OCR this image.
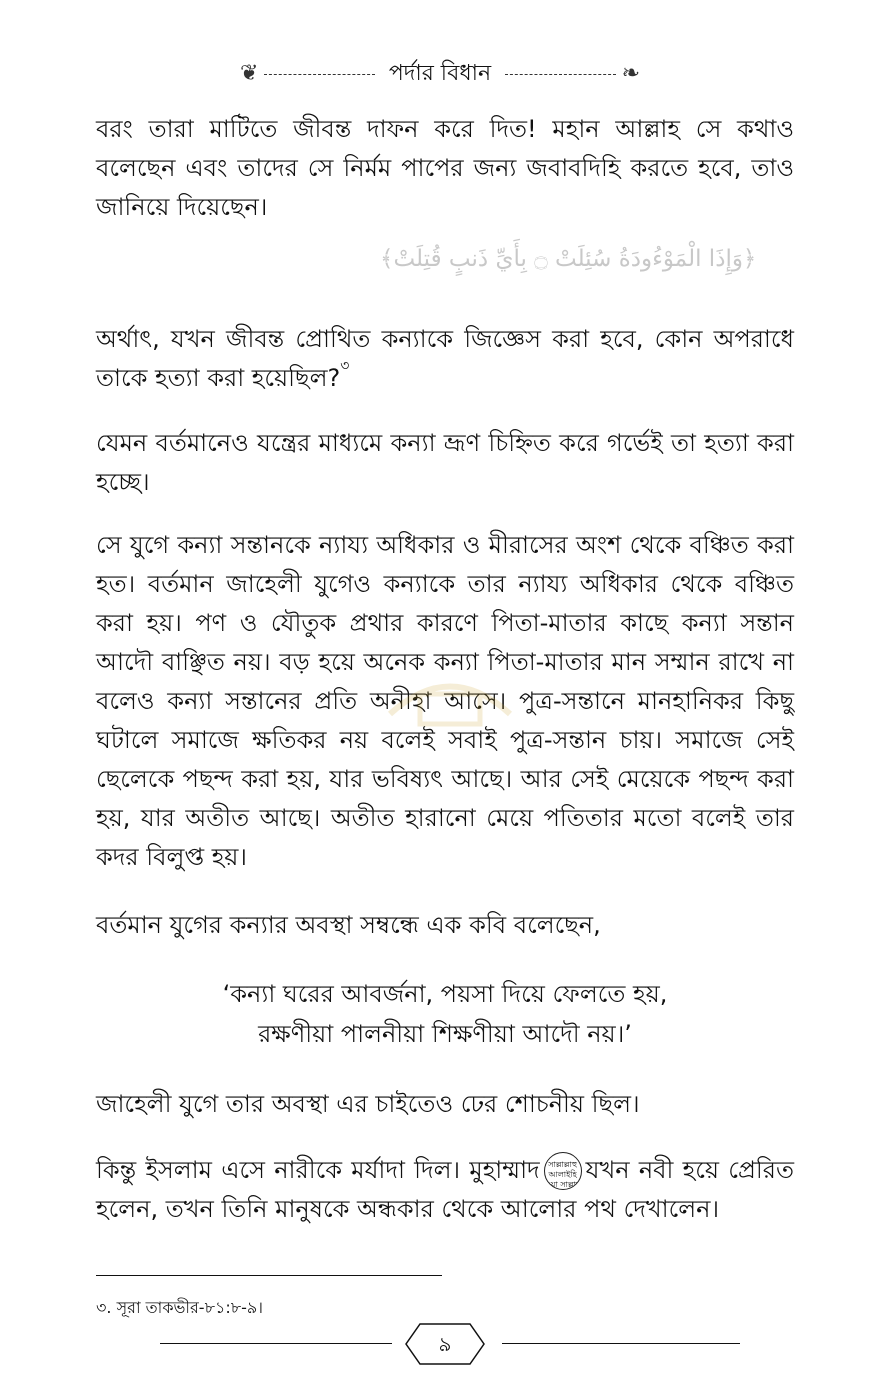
❦	পর্দার বিধান	❧

বরং তারা মাটিতে জীবন্ত দাফন করে দিত! মহান আল্লাহ সে কথাও বলেছেন এবং তাদের সে নির্মম পাপের জন্য জবাবদিহি করতে হবে, তাও জানিয়ে দিয়েছেন।

﴿وَإِذَا الْمَوْءُودَةُ سُئِلَتْ ۝ بِأَيِّ ذَنبٍ قُتِلَتْ﴾

অর্থাৎ, যখন জীবন্ত প্রোথিত কন্যাকে জিজ্ঞেস করা হবে, কোন অপরাধে তাকে হত্যা করা হয়েছিল?$^৩$

যেমন বর্তমানেও যন্ত্রের মাধ্যমে কন্যা ভ্রূণ চিহ্নিত করে গর্ভেই তা হত্যা করা হচ্ছে।

সে যুগে কন্যা সন্তানকে ন্যায্য অধিকার ও মীরাসের অংশ থেকে বঞ্চিত করা হত। বর্তমান জাহেলী যুগেও কন্যাকে তার ন্যায্য অধিকার থেকে বঞ্চিত করা হয়। পণ ও যৌতুক প্রথার কারণে পিতা-মাতার কাছে কন্যা সন্তান আদৌ বাঞ্ছিত নয়। বড় হয়ে অনেক কন্যা পিতা-মাতার মান সম্মান রাখে না বলেও কন্যা সন্তানের প্রতি অনীহা আসে। পুত্র-সন্তানে মানহানিকর কিছু ঘটালে সমাজে ক্ষতিকর নয় বলেই সবাই পুত্র-সন্তান চায়। সমাজে সেই ছেলেকে পছন্দ করা হয়, যার ভবিষ্যৎ আছে। আর সেই মেয়েকে পছন্দ করা হয়, যার অতীত আছে। অতীত হারানো মেয়ে পতিতার মতো বলেই তার কদর বিলুপ্ত হয়।

বর্তমান যুগের কন্যার অবস্থা সম্বন্ধে এক কবি বলেছেন,

‘কন্যা ঘরের আবর্জনা, পয়সা দিয়ে ফেলতে হয়,
রক্ষণীয়া পালনীয়া শিক্ষণীয়া আদৌ নয়।’

জাহেলী যুগে তার অবস্থা এর চাইতেও ঢের শোচনীয় ছিল।

কিন্তু ইসলাম এসে নারীকে মর্যাদা দিল। মুহাম্মাদ সাল্লাল্লাহু আলাইহি ওয়া সাল্লামযখন নবী হয়ে প্রেরিত হলেন, তখন তিনি মানুষকে অন্ধকার থেকে আলোর পথ দেখালেন।

৩. সূরা তাকভীর-৮১:৮-৯।
৯
